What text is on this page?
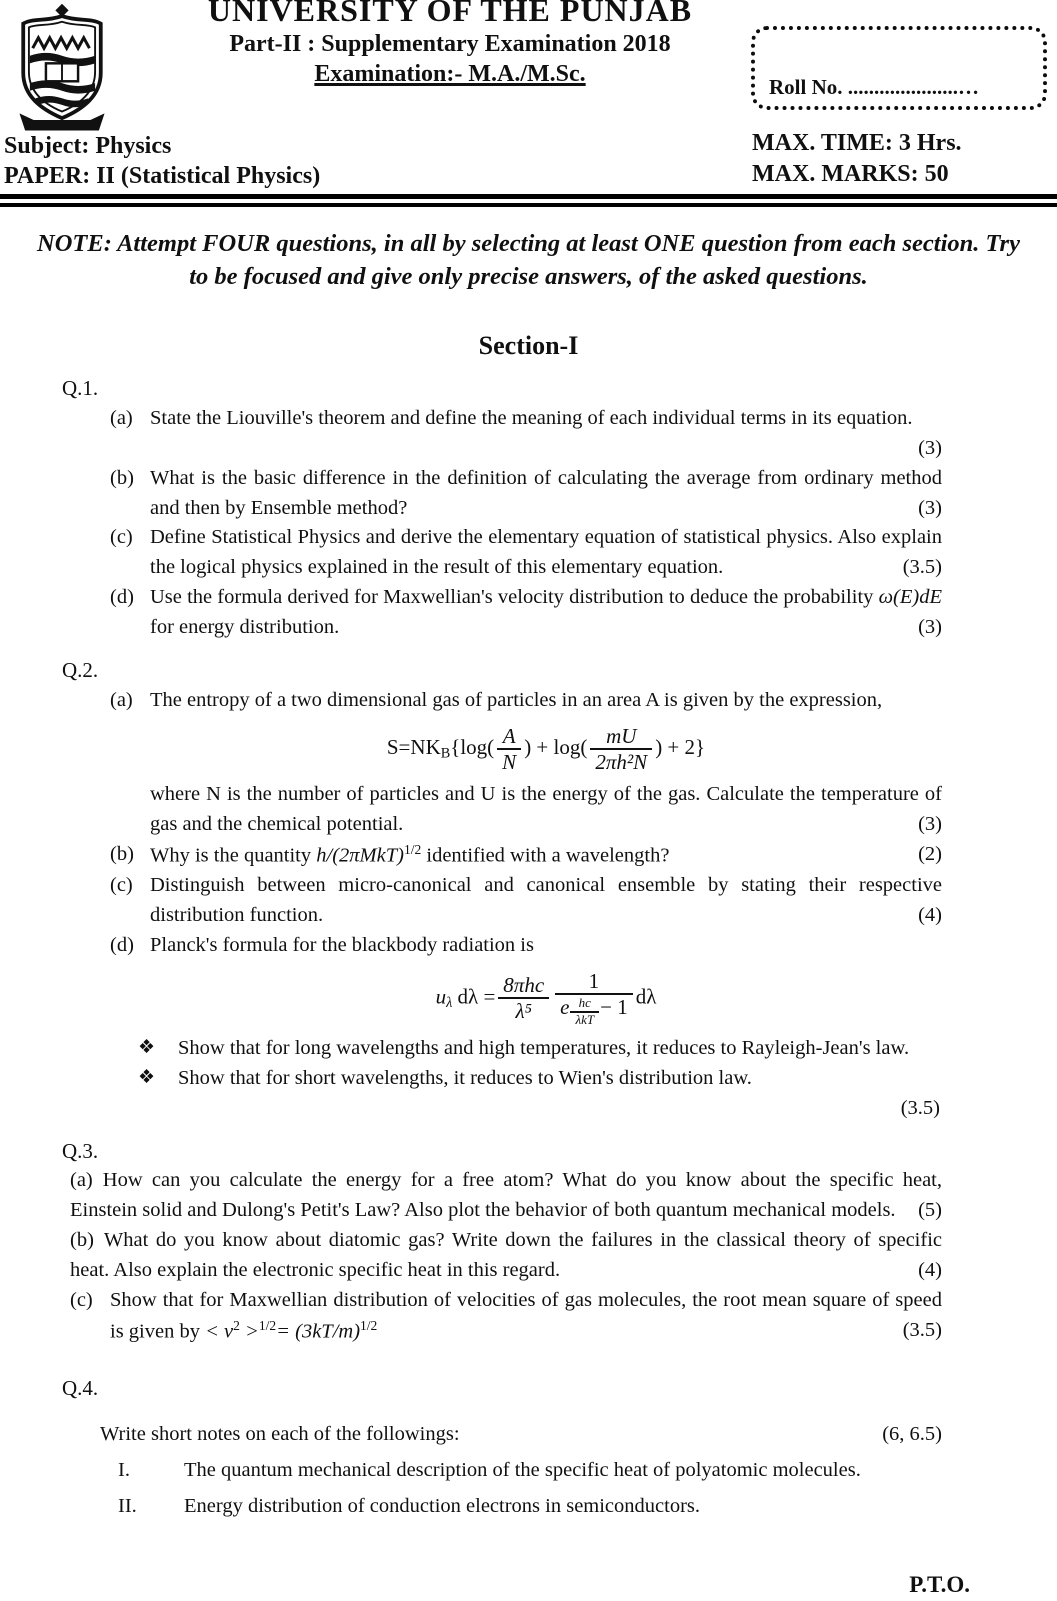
UNIVERSITY OF THE PUNJAB
Part-II : Supplementary Examination 2018
Examination:- M.A./M.Sc.	Roll No. .....................…
Subject: Physics
PAPER: II (Statistical Physics)
MAX. TIME: 3 Hrs.
MAX. MARKS: 50
NOTE: Attempt FOUR questions, in all by selecting at least ONE question from each section. Try to be focused and give only precise answers, of the asked questions.
Section-I
Q.1.
(a) State the Liouville's theorem and define the meaning of each individual terms in its equation.
(3)
(b) What is the basic difference in the definition of calculating the average from ordinary method and then by Ensemble method?	(3)
(c) Define Statistical Physics and derive the elementary equation of statistical physics. Also explain the logical physics explained in the result of this elementary equation.	(3.5)
(d) Use the formula derived for Maxwellian's velocity distribution to deduce the probability ω(E)dE for energy distribution.	(3)
Q.2.
(a) The entropy of a two dimensional gas of particles in an area A is given by the expression,
$S=NK_B\{\log( \frac{A}{N}$ ) + $\log( \frac{mU}{\text{2πh²N}}$ ) + 2}
where N is the number of particles and U is the energy of the gas. Calculate the temperature of gas and the chemical potential.	(3)
(b) Why is the quantity $h/(2\pi MkT)^{1/2}$ identified with a wavelength?	(2)
(c) Distinguish between micro-canonical and canonical ensemble by stating their respective distribution function.	(4)
(d) Planck's formula for the blackbody radiation is
$u_\lambda$ $d\lambda = \frac{\text{8πhc}}{\text{λ⁵}} \frac{1}{e \frac{hc}{\text{λkT}} - 1}$ dλ
❖	Show that for long wavelengths and high temperatures, it reduces to Rayleigh-Jean's law.
❖	Show that for short wavelengths, it reduces to Wien's distribution law.
(3.5)
Q.3.
(a) How can you calculate the energy for a free atom? What do you know about the specific heat, Einstein solid and Dulong's Petit's Law? Also plot the behavior of both quantum mechanical models.	(5)
(b) What do you know about diatomic gas? Write down the failures in the classical theory of specific heat. Also explain the electronic specific heat in this regard.	(4)
(c) Show that for Maxwellian distribution of velocities of gas molecules, the root mean square of speed is given by < $v^2 >^{1/2}= (3kT/m)^{1/2}$	(3.5)
Q.4.
Write short notes on each of the followings:	(6, 6.5)
I.	The quantum mechanical description of the specific heat of polyatomic molecules.
II.	Energy distribution of conduction electrons in semiconductors.
P.T.O.
